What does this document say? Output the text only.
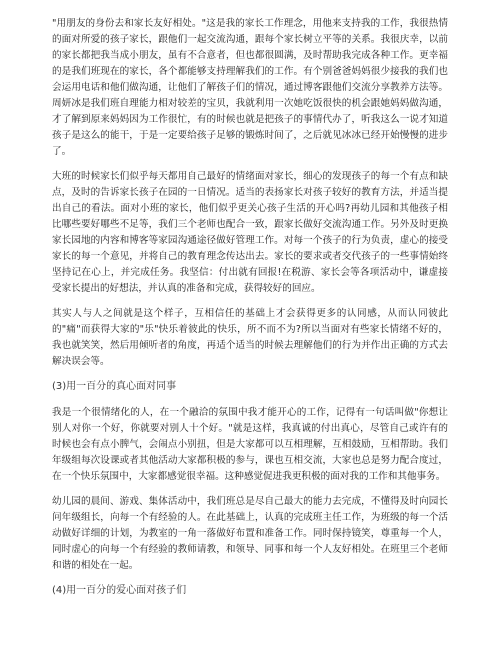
"用朋友的身份去和家长友好相处。"这是我的家长工作理念，用他来支持我的工作，我很热情的面对所爱的孩子家长，跟他们一起交流沟通，跟每个家长树立平等的关系。我很庆幸，以前的家长都把我当成小朋友，虽有不合意者，但也都很圆满，及时帮助我完成各种工作。更幸福的是我们班现在的家长，各个都能够支持理解我们的工作。有个别爸爸妈妈很少接我的我们也会运用电话和他们做沟通，让他们了解孩子们的情况，通过博客跟他们交流分享教养方法等。周妍冰是我们班自理能力相对较差的宝贝，我就利用一次她吃饭很快的机会跟她妈妈做沟通，才了解到原来妈妈因为工作很忙，有的时候也就是把孩子的事情代办了，听我这么一说才知道孩子是这么的能干，于是一定要给孩子足够的锻炼时间了，之后就见冰冰已经开始慢慢的进步了。

大班的时候家长们似乎每天都用自己最好的情绪面对家长，细心的发现孩子的每一个有点和缺点，及时的告诉家长孩子在园的一日情况。适当的表扬家长对孩子较好的教育方法，并适当提出自己的看法。面对小班的家长，他们似乎更关心孩子生活的开心吗?再幼儿园和其他孩子相比哪些要好哪些不足等，我们三个老师也配合一致，跟家长做好交流沟通工作。另外及时更换家长园地的内容和博客等家园沟通途径做好管理工作。对每一个孩子的行为负责，虚心的接受家长的每一个意见，并将自己的教育理念传达出去。家长的要求或者交代孩子的一些事情始终坚持记在心上，并完成任务。我坚信：付出就有回报!在税游、家长会等各项活动中，谦虚接受家长提出的好想法，并认真的准备和完成，获得较好的回应。

其实人与人之间就是这个样子，互相信任的基础上才会获得更多的认同感，从而认同彼此的"痛"而获得大家的"乐"快乐着彼此的快乐，所不而不为?所以当面对有些家长情绪不好的，我也就笑笑，然后用倾听者的角度，再适个适当的时候去理解他们的行为并作出正确的方式去解决误会等。

(3)用一百分的真心面对同事

我是一个很情绪化的人，在一个融洽的氛围中我才能开心的工作，记得有一句话叫做"你想让别人对你一个好，你就要对别人十个好。"就是这样，我真诚的付出真心，尽管自己或许有的时候也会有点小脾气，会闹点小别扭，但是大家都可以互相理解，互相鼓励，互相帮助。我们年级组每次设课或者其他活动大家都积极的参与，课也互相交流，大家也总是努力配合度过，在一个快乐氛围中，大家都感觉很幸福。这种感觉促进我更积极的面对我的工作和其他事务。

幼儿园的晨间、游戏、集体活动中，我们班总是尽自己最大的能力去完成，不懂得及时向园长问年级组长，向每一个有经验的人。在此基础上，认真的完成班主任工作，为班级的每一个活动做好详细的计划，为教室的一角一落做好布置和准备工作。同时保持镜笑，尊重每一个人，同时虚心的向每一个有经验的教师请教，和领导、同事和每一个人友好相处。在班里三个老师和谐的相处在一起。

(4)用一百分的爱心面对孩子们
